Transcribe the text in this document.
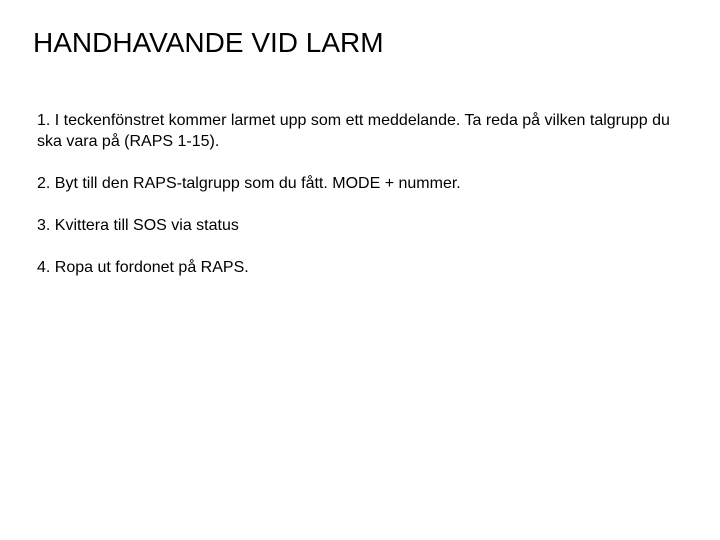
HANDHAVANDE VID LARM
1. I teckenfönstret kommer larmet upp som ett meddelande. Ta reda på vilken talgrupp du ska vara på (RAPS 1-15).
2. Byt till den RAPS-talgrupp som du fått. MODE + nummer.
3. Kvittera till SOS via status
4. Ropa ut fordonet på RAPS.
